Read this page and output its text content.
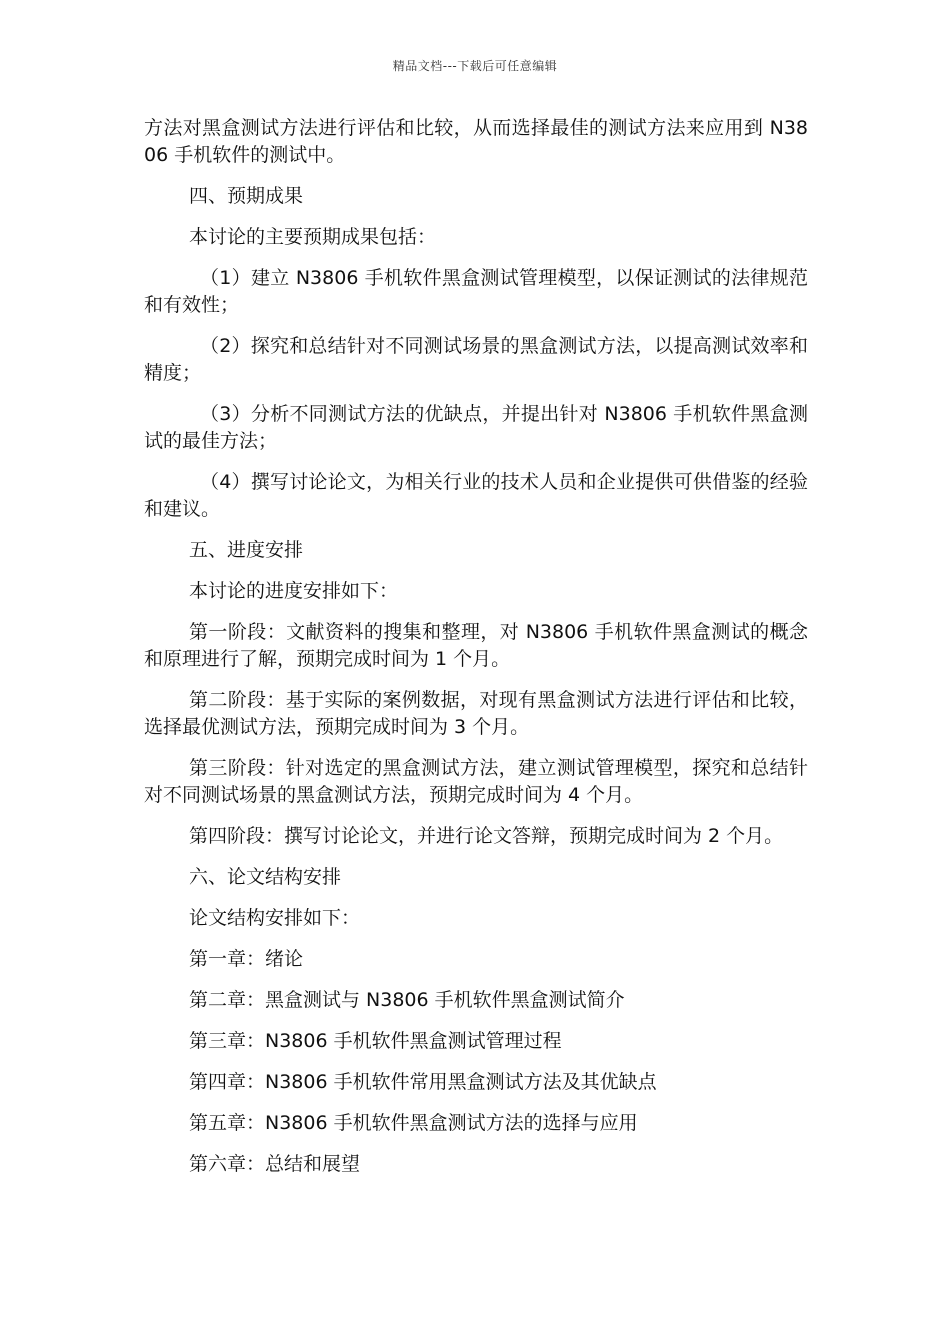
精品文档---下载后可任意编辑

方法对黑盒测试方法进行评估和比较，从而选择最佳的测试方法来应用到 N3806 手机软件的测试中。

四、预期成果

本讨论的主要预期成果包括：

（1）建立 N3806 手机软件黑盒测试管理模型，以保证测试的法律规范和有效性；

（2）探究和总结针对不同测试场景的黑盒测试方法，以提高测试效率和精度；

（3）分析不同测试方法的优缺点，并提出针对 N3806 手机软件黑盒测试的最佳方法；

（4）撰写讨论论文，为相关行业的技术人员和企业提供可供借鉴的经验和建议。

五、进度安排

本讨论的进度安排如下：

第一阶段：文献资料的搜集和整理，对 N3806 手机软件黑盒测试的概念和原理进行了解，预期完成时间为 1 个月。

第二阶段：基于实际的案例数据，对现有黑盒测试方法进行评估和比较，选择最优测试方法，预期完成时间为 3 个月。

第三阶段：针对选定的黑盒测试方法，建立测试管理模型，探究和总结针对不同测试场景的黑盒测试方法，预期完成时间为 4 个月。

第四阶段：撰写讨论论文，并进行论文答辩，预期完成时间为 2 个月。

六、论文结构安排

论文结构安排如下：

第一章：绪论

第二章：黑盒测试与 N3806 手机软件黑盒测试简介

第三章：N3806 手机软件黑盒测试管理过程

第四章：N3806 手机软件常用黑盒测试方法及其优缺点

第五章：N3806 手机软件黑盒测试方法的选择与应用

第六章：总结和展望
